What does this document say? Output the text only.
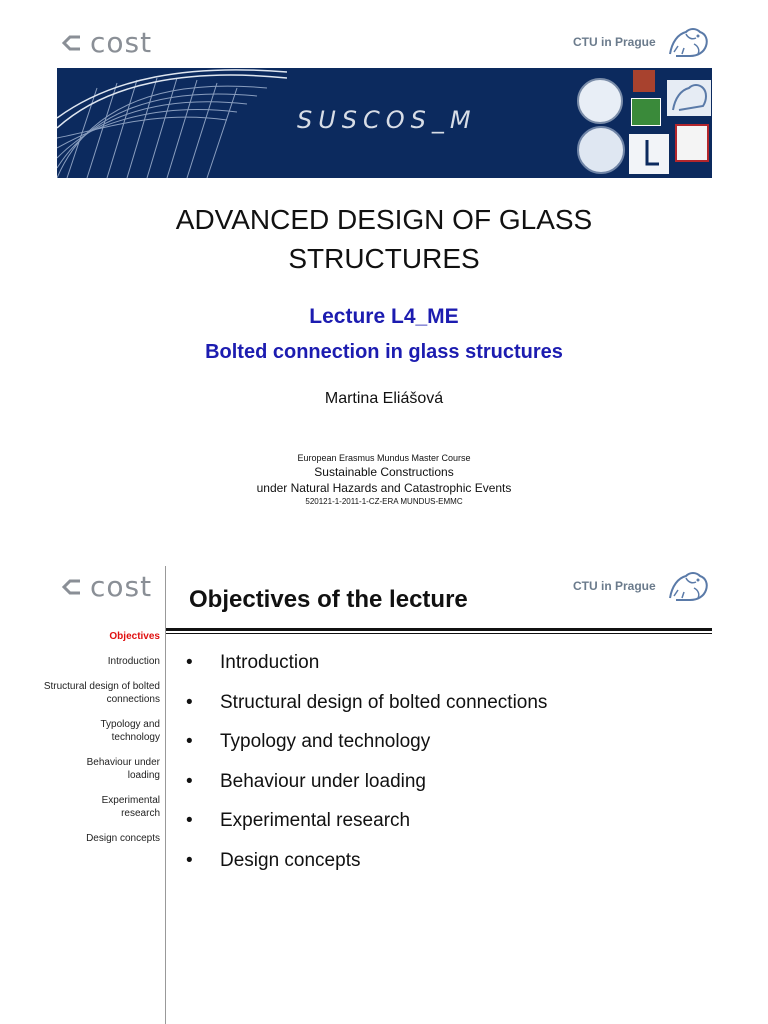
cost	CTU in Prague
SUSCOS_M
ADVANCED DESIGN OF GLASS
STRUCTURES
Lecture L4_ME
Bolted connection in glass structures
Martina Eliášová
European Erasmus Mundus Master Course
Sustainable Constructions
under Natural Hazards and Catastrophic Events
520121-1-2011-1-CZ-ERA MUNDUS-EMMC
cost	CTU in Prague
Objectives
Introduction
Structural design of bolted connections
Typology and technology
Behaviour under loading
Experimental research
Design concepts
Objectives of the lecture
•	Introduction
•	Structural design of bolted connections
•	Typology and technology
•	Behaviour under loading
•	Experimental research
•	Design concepts
